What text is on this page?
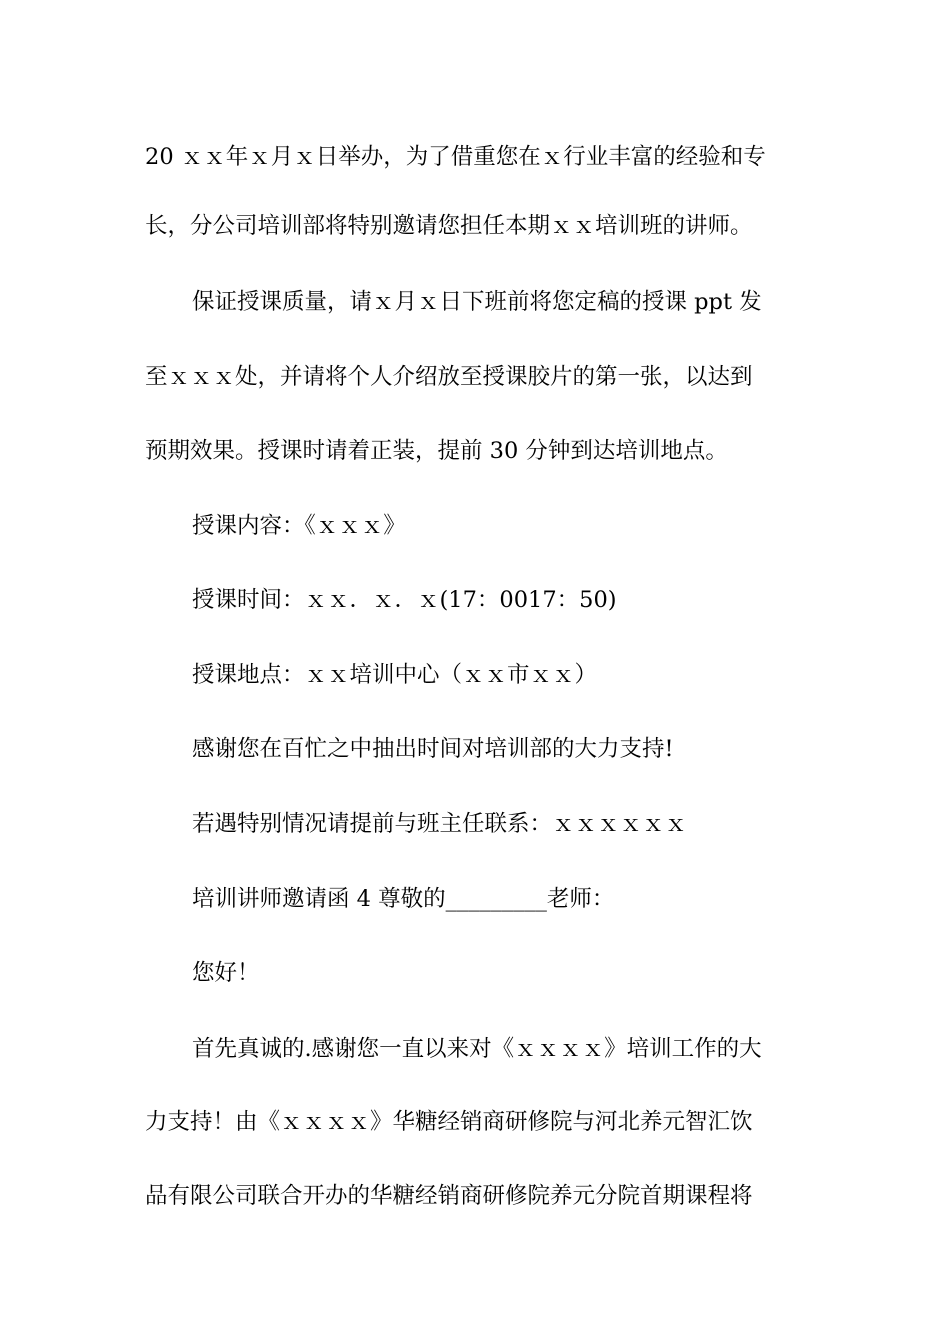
20 ｘｘ年ｘ月ｘ日举办，为了借重您在ｘ行业丰富的经验和专
长，分公司培训部将特别邀请您担任本期ｘｘ培训班的讲师。
保证授课质量，请ｘ月ｘ日下班前将您定稿的授课 ppt 发
至ｘｘｘ处，并请将个人介绍放至授课胶片的第一张，以达到
预期效果。授课时请着正装，提前 30 分钟到达培训地点。
授课内容：《ｘｘｘ》
授课时间：ｘｘ．ｘ．ｘ(17：0017：50)
授课地点：ｘｘ培训中心（ｘｘ市ｘｘ）
感谢您在百忙之中抽出时间对培训部的大力支持!
若遇特别情况请提前与班主任联系：ｘｘｘｘｘｘ
培训讲师邀请函 4 尊敬的_________老师：
您好！
首先真诚的.感谢您一直以来对《ｘｘｘｘ》培训工作的大
力支持！由《ｘｘｘｘ》华糖经销商研修院与河北养元智汇饮
品有限公司联合开办的华糖经销商研修院养元分院首期课程将
